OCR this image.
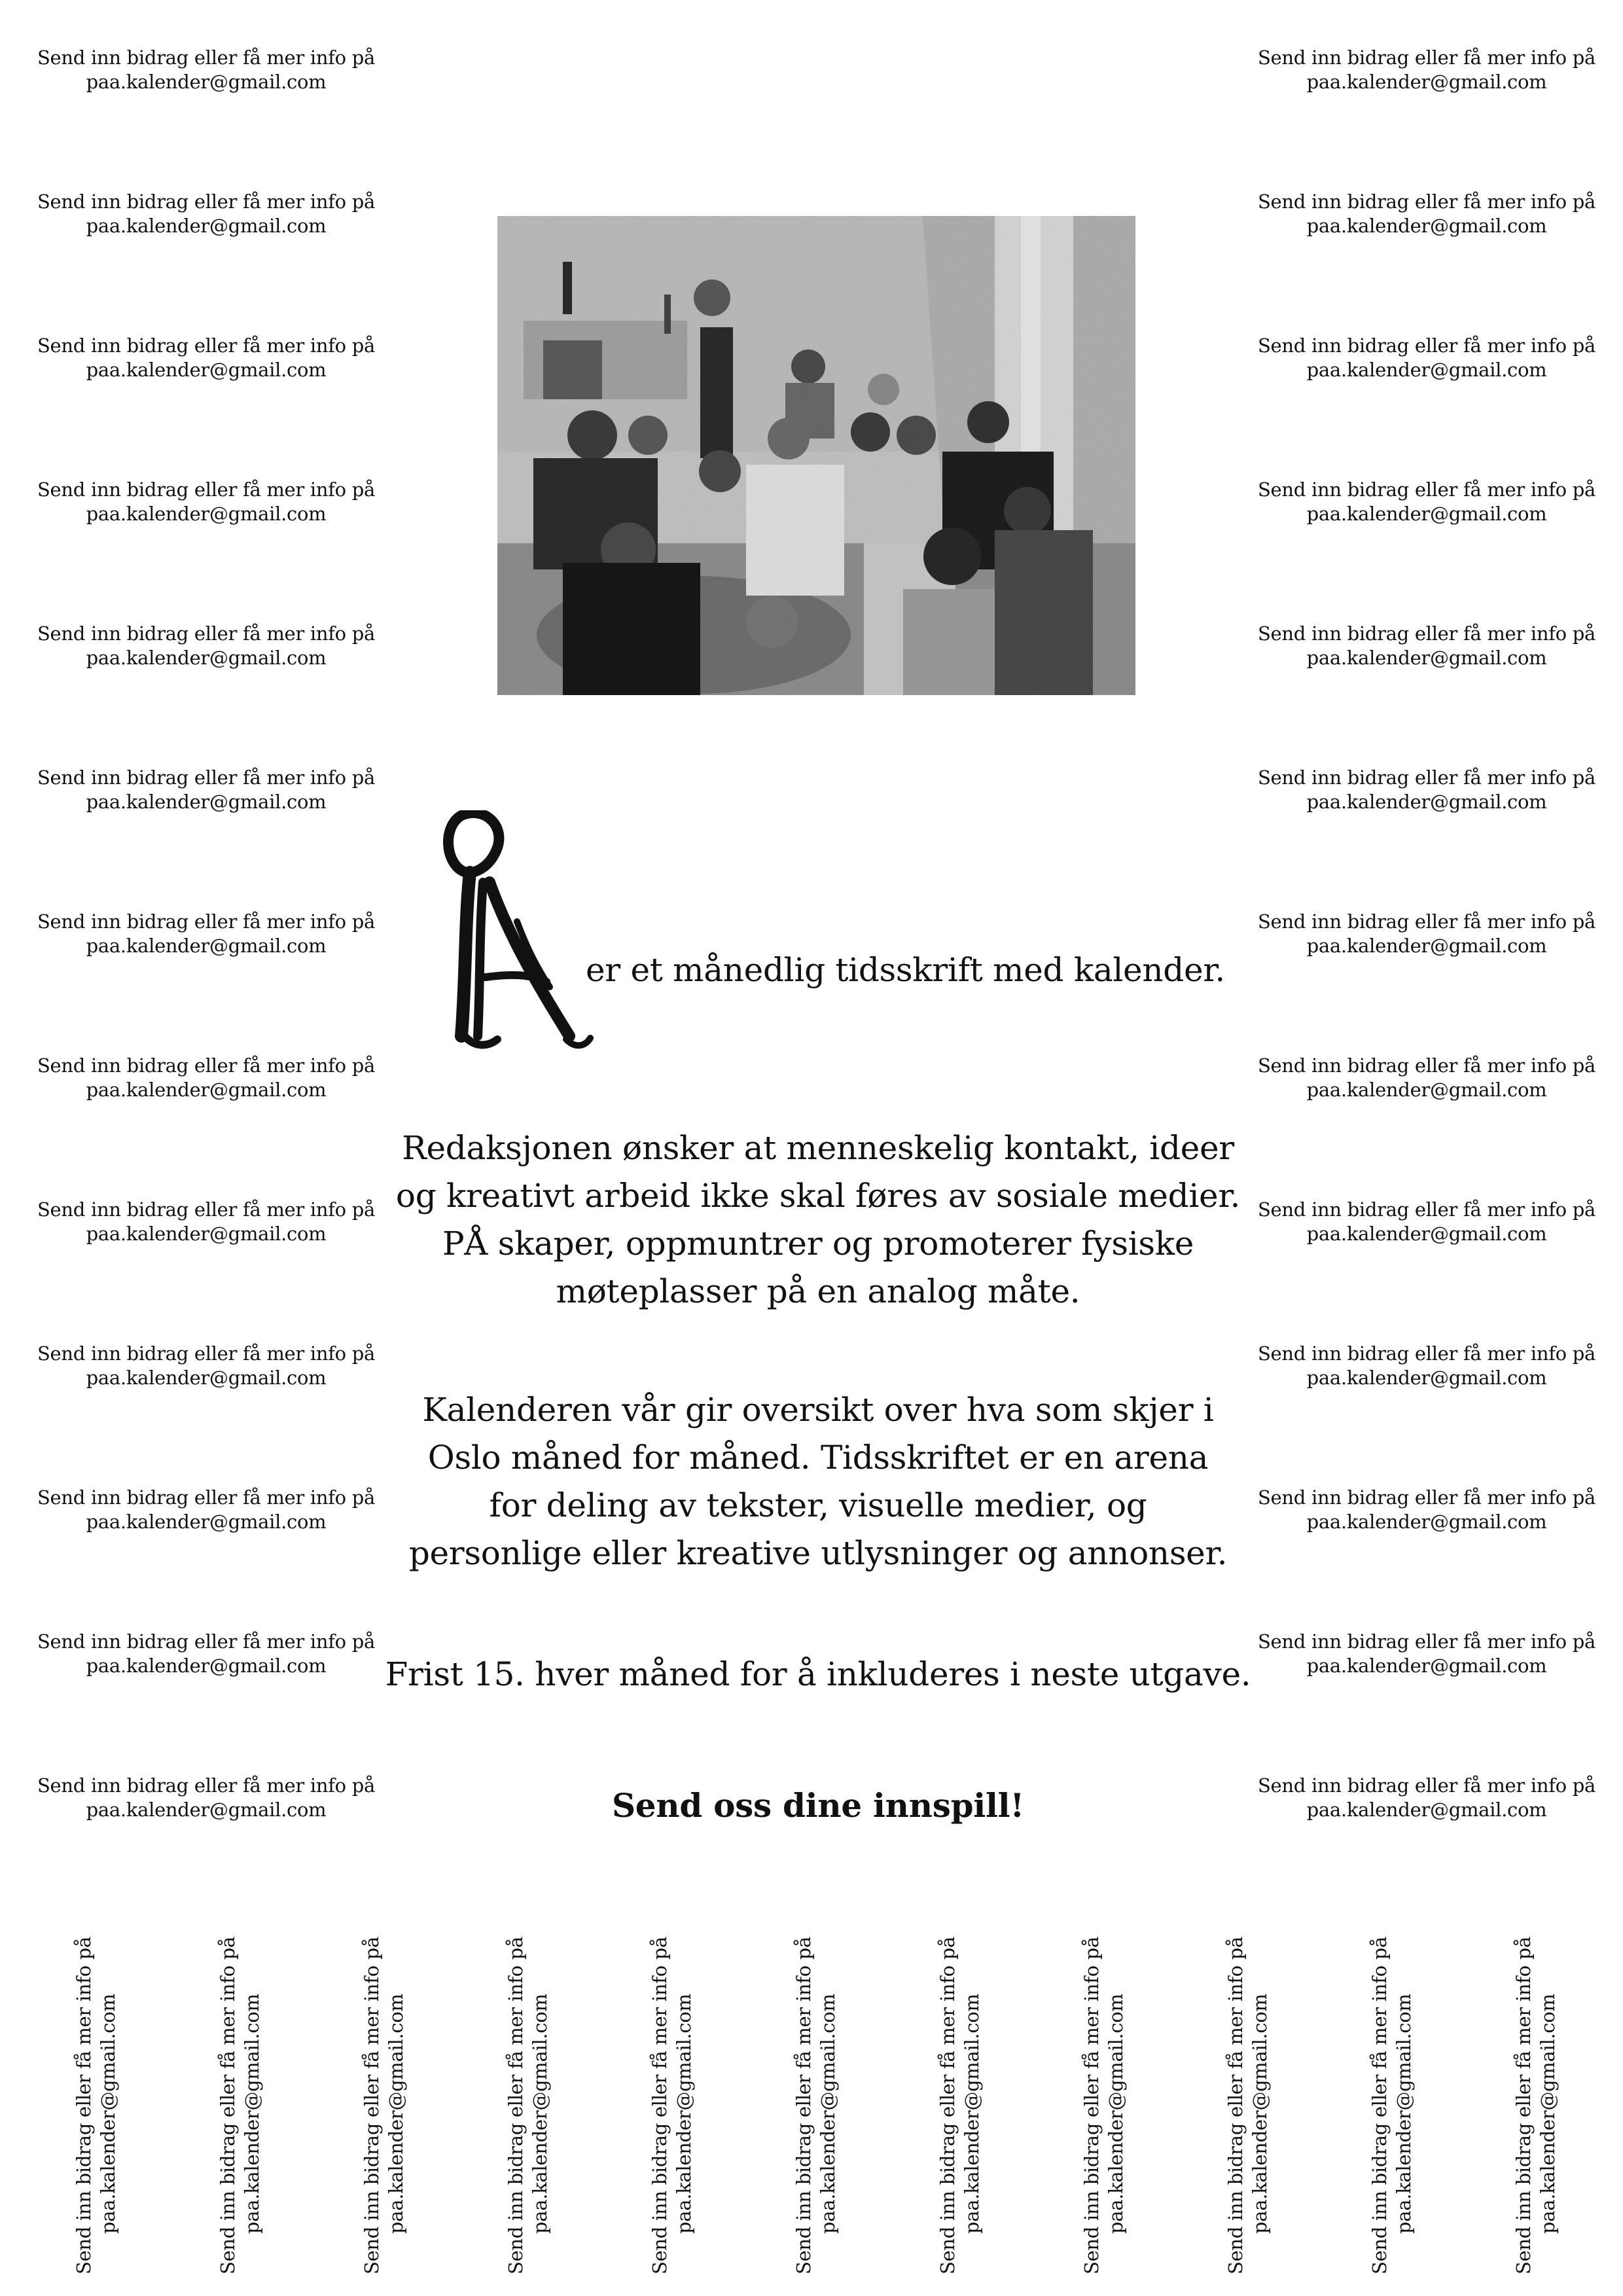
Send inn bidrag eller få mer info på
paa.kalender@gmail.com
Send inn bidrag eller få mer info på
paa.kalender@gmail.com
Send inn bidrag eller få mer info på
paa.kalender@gmail.com
Send inn bidrag eller få mer info på
paa.kalender@gmail.com
Send inn bidrag eller få mer info på
paa.kalender@gmail.com
Send inn bidrag eller få mer info på
paa.kalender@gmail.com
Send inn bidrag eller få mer info på
paa.kalender@gmail.com
Send inn bidrag eller få mer info på
paa.kalender@gmail.com
Send inn bidrag eller få mer info på
paa.kalender@gmail.com
Send inn bidrag eller få mer info på
paa.kalender@gmail.com
Send inn bidrag eller få mer info på
paa.kalender@gmail.com
Send inn bidrag eller få mer info på
paa.kalender@gmail.com
Send inn bidrag eller få mer info på
paa.kalender@gmail.com
Send inn bidrag eller få mer info på
paa.kalender@gmail.com
Send inn bidrag eller få mer info på
paa.kalender@gmail.com
Send inn bidrag eller få mer info på
paa.kalender@gmail.com
Send inn bidrag eller få mer info på
paa.kalender@gmail.com
Send inn bidrag eller få mer info på
paa.kalender@gmail.com
Send inn bidrag eller få mer info på
paa.kalender@gmail.com
Send inn bidrag eller få mer info på
paa.kalender@gmail.com
Send inn bidrag eller få mer info på
paa.kalender@gmail.com
Send inn bidrag eller få mer info på
paa.kalender@gmail.com
Send inn bidrag eller få mer info på
paa.kalender@gmail.com
Send inn bidrag eller få mer info på
paa.kalender@gmail.com
Send inn bidrag eller få mer info på
paa.kalender@gmail.com
Send inn bidrag eller få mer info på
paa.kalender@gmail.com
er et månedlig tidsskrift med kalender.
Redaksjonen ønsker at menneskelig kontakt, ideer
og kreativt arbeid ikke skal føres av sosiale medier.
PÅ skaper, oppmuntrer og promoterer fysiske
møteplasser på en analog måte.
Kalenderen vår gir oversikt over hva som skjer i
Oslo måned for måned. Tidsskriftet er en arena
for deling av tekster, visuelle medier, og
personlige eller kreative utlysninger og annonser.
Frist 15. hver måned for å inkluderes i neste utgave.
Send oss dine innspill!
Send inn bidrag eller få mer info på paa.kalender@gmail.com	Send inn bidrag eller få mer info på paa.kalender@gmail.com	Send inn bidrag eller få mer info på paa.kalender@gmail.com	Send inn bidrag eller få mer info på paa.kalender@gmail.com	Send inn bidrag eller få mer info på paa.kalender@gmail.com	Send inn bidrag eller få mer info på paa.kalender@gmail.com	Send inn bidrag eller få mer info på paa.kalender@gmail.com	Send inn bidrag eller få mer info på paa.kalender@gmail.com	Send inn bidrag eller få mer info på paa.kalender@gmail.com	Send inn bidrag eller få mer info på paa.kalender@gmail.com	Send inn bidrag eller få mer info på paa.kalender@gmail.com
